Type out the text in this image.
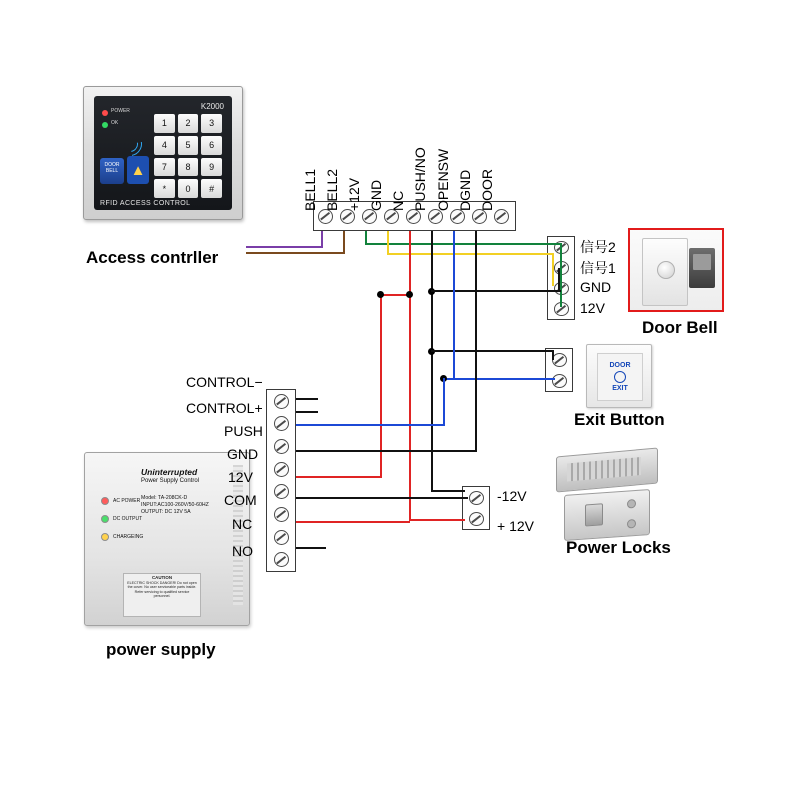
K2000
POWER
OK
DOOR
BELL ▲
RFID ACCESS CONTROL
1	2	3
4	5	6
7	8	9
*	0	#
Access contrller
Uninterrupted
Power Supply Control
Model: TA-208CK-D
INPUT:AC100-260V/50-60HZ
OUTPUT: DC 12V 5A
AC POWER
DC OUTPUT
CHARGEING
CAUTION
ELECTRIC SHOCK DANGER! Do not open the cover. No user serviceable parts inside. Refer servicing to qualified service personnel.
power supply
Door Bell
DOOR
EXIT
Exit Button
Power Locks
BELL1 BELL2 +12V GND NC PUSH/NO OPENSW DGND DOOR
信号2
信号1
GND
12V
-12V
+ 12V
CONTROL−
CONTROL+
PUSH
GND
12V
COM
NC
NO
